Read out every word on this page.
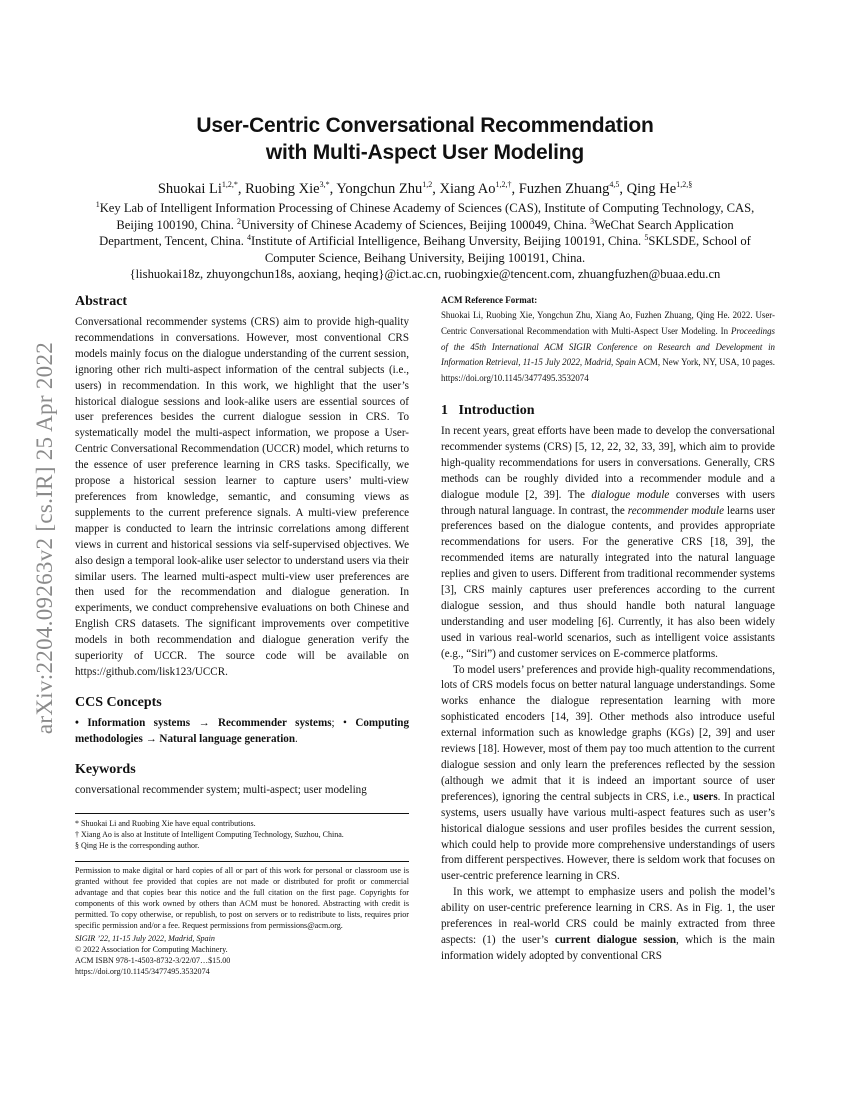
arXiv:2204.09263v2 [cs.IR] 25 Apr 2022
User-Centric Conversational Recommendation
with Multi-Aspect User Modeling
Shuokai $Li^{1,2,*}$, Ruobing Xie$^{3,*}$, Yongchun Zhu$^{1,2}$, Xiang $Ao^{1,2,\dagger}$, Fuzhen Zhuang$^{4,5}$, Qing $He^{1,2,\S}$
$^1$Key Lab of Intelligent Information Processing of Chinese Academy of Sciences (CAS), Institute of Computing Technology, CAS, Beijing 100190, China. $^2$University of Chinese Academy of Sciences, Beijing 100049, China. $^3$WeChat Search Application Department, Tencent, China. $^4$Institute of Artificial Intelligence, Beihang Unversity, Beijing 100191, China. $^5$SKLSDE, School of Computer Science, Beihang University, Beijing 100191, China.
{lishuokai18z, zhuyongchun18s, aoxiang, heqing}@ict.ac.cn, ruobingxie@tencent.com, zhuangfuzhen@buaa.edu.cn
Abstract

Conversational recommender systems (CRS) aim to provide high-quality recommendations in conversations. However, most conventional CRS models mainly focus on the dialogue understanding of the current session, ignoring other rich multi-aspect information of the central subjects (i.e., users) in recommendation. In this work, we highlight that the user’s historical dialogue sessions and look-alike users are essential sources of user preferences besides the current dialogue session in CRS. To systematically model the multi-aspect information, we propose a User-Centric Conversational Recommendation (UCCR) model, which returns to the essence of user preference learning in CRS tasks. Specifically, we propose a historical session learner to capture users’ multi-view preferences from knowledge, semantic, and consuming views as supplements to the current preference signals. A multi-view preference mapper is conducted to learn the intrinsic correlations among different views in current and historical sessions via self-supervised objectives. We also design a temporal look-alike user selector to understand users via their similar users. The learned multi-aspect multi-view user preferences are then used for the recommendation and dialogue generation. In experiments, we conduct comprehensive evaluations on both Chinese and English CRS datasets. The significant improvements over competitive models in both recommendation and dialogue generation verify the superiority of UCCR. The source code will be available on https://github.com/lisk123/UCCR.

CCS Concepts

• Information systems → Recommender systems; • Computing methodologies → Natural language generation.

Keywords

conversational recommender system; multi-aspect; user modeling

* Shuokai Li and Ruobing Xie have equal contributions.
† Xiang Ao is also at Institute of Intelligent Computing Technology, Suzhou, China.
§ Qing He is the corresponding author.

Permission to make digital or hard copies of all or part of this work for personal or classroom use is granted without fee provided that copies are not made or distributed for profit or commercial advantage and that copies bear this notice and the full citation on the first page. Copyrights for components of this work owned by others than ACM must be honored. Abstracting with credit is permitted. To copy otherwise, or republish, to post on servers or to redistribute to lists, requires prior specific permission and/or a fee. Request permissions from permissions@acm.org.

SIGIR ’22, 11-15 July 2022, Madrid, Spain
© 2022 Association for Computing Machinery.
ACM ISBN 978-1-4503-8732-3/22/07…$15.00
https://doi.org/10.1145/3477495.3532074
ACM Reference Format:

Shuokai Li, Ruobing Xie, Yongchun Zhu, Xiang Ao, Fuzhen Zhuang, Qing He. 2022. User-Centric Conversational Recommendation with Multi-Aspect User Modeling. In Proceedings of the 45th International ACM SIGIR Conference on Research and Development in Information Retrieval, 11-15 July 2022, Madrid, Spain ACM, New York, NY, USA, 10 pages. https://doi.org/10.1145/3477495.3532074

1 Introduction

In recent years, great efforts have been made to develop the conversational recommender systems (CRS) [5, 12, 22, 32, 33, 39], which aim to provide high-quality recommendations for users in conversations. Generally, CRS methods can be roughly divided into a recommender module and a dialogue module [2, 39]. The dialogue module converses with users through natural language. In contrast, the recommender module learns user preferences based on the dialogue contents, and provides appropriate recommendations for users. For the generative CRS [18, 39], the recommended items are naturally integrated into the natural language replies and given to users. Different from traditional recommender systems [3], CRS mainly captures user preferences according to the current dialogue session, and thus should handle both natural language understanding and user modeling [6]. Currently, it has also been widely used in various real-world scenarios, such as intelligent voice assistants (e.g., “Siri”) and customer services on E-commerce platforms.

To model users’ preferences and provide high-quality recommendations, lots of CRS models focus on better natural language understandings. Some works enhance the dialogue representation learning with more sophisticated encoders [14, 39]. Other methods also introduce useful external information such as knowledge graphs (KGs) [2, 39] and user reviews [18]. However, most of them pay too much attention to the current dialogue session and only learn the preferences reflected by the session (although we admit that it is indeed an important source of user preferences), ignoring the central subjects in CRS, i.e., users. In practical systems, users usually have various multi-aspect features such as user’s historical dialogue sessions and user profiles besides the current session, which could help to provide more comprehensive understandings of users from different perspectives. However, there is seldom work that focuses on user-centric preference learning in CRS.

In this work, we attempt to emphasize users and polish the model’s ability on user-centric preference learning in CRS. As in Fig. 1, the user preferences in real-world CRS could be mainly extracted from three aspects: (1) the user’s current dialogue session, which is the main information widely adopted by conventional CRS
